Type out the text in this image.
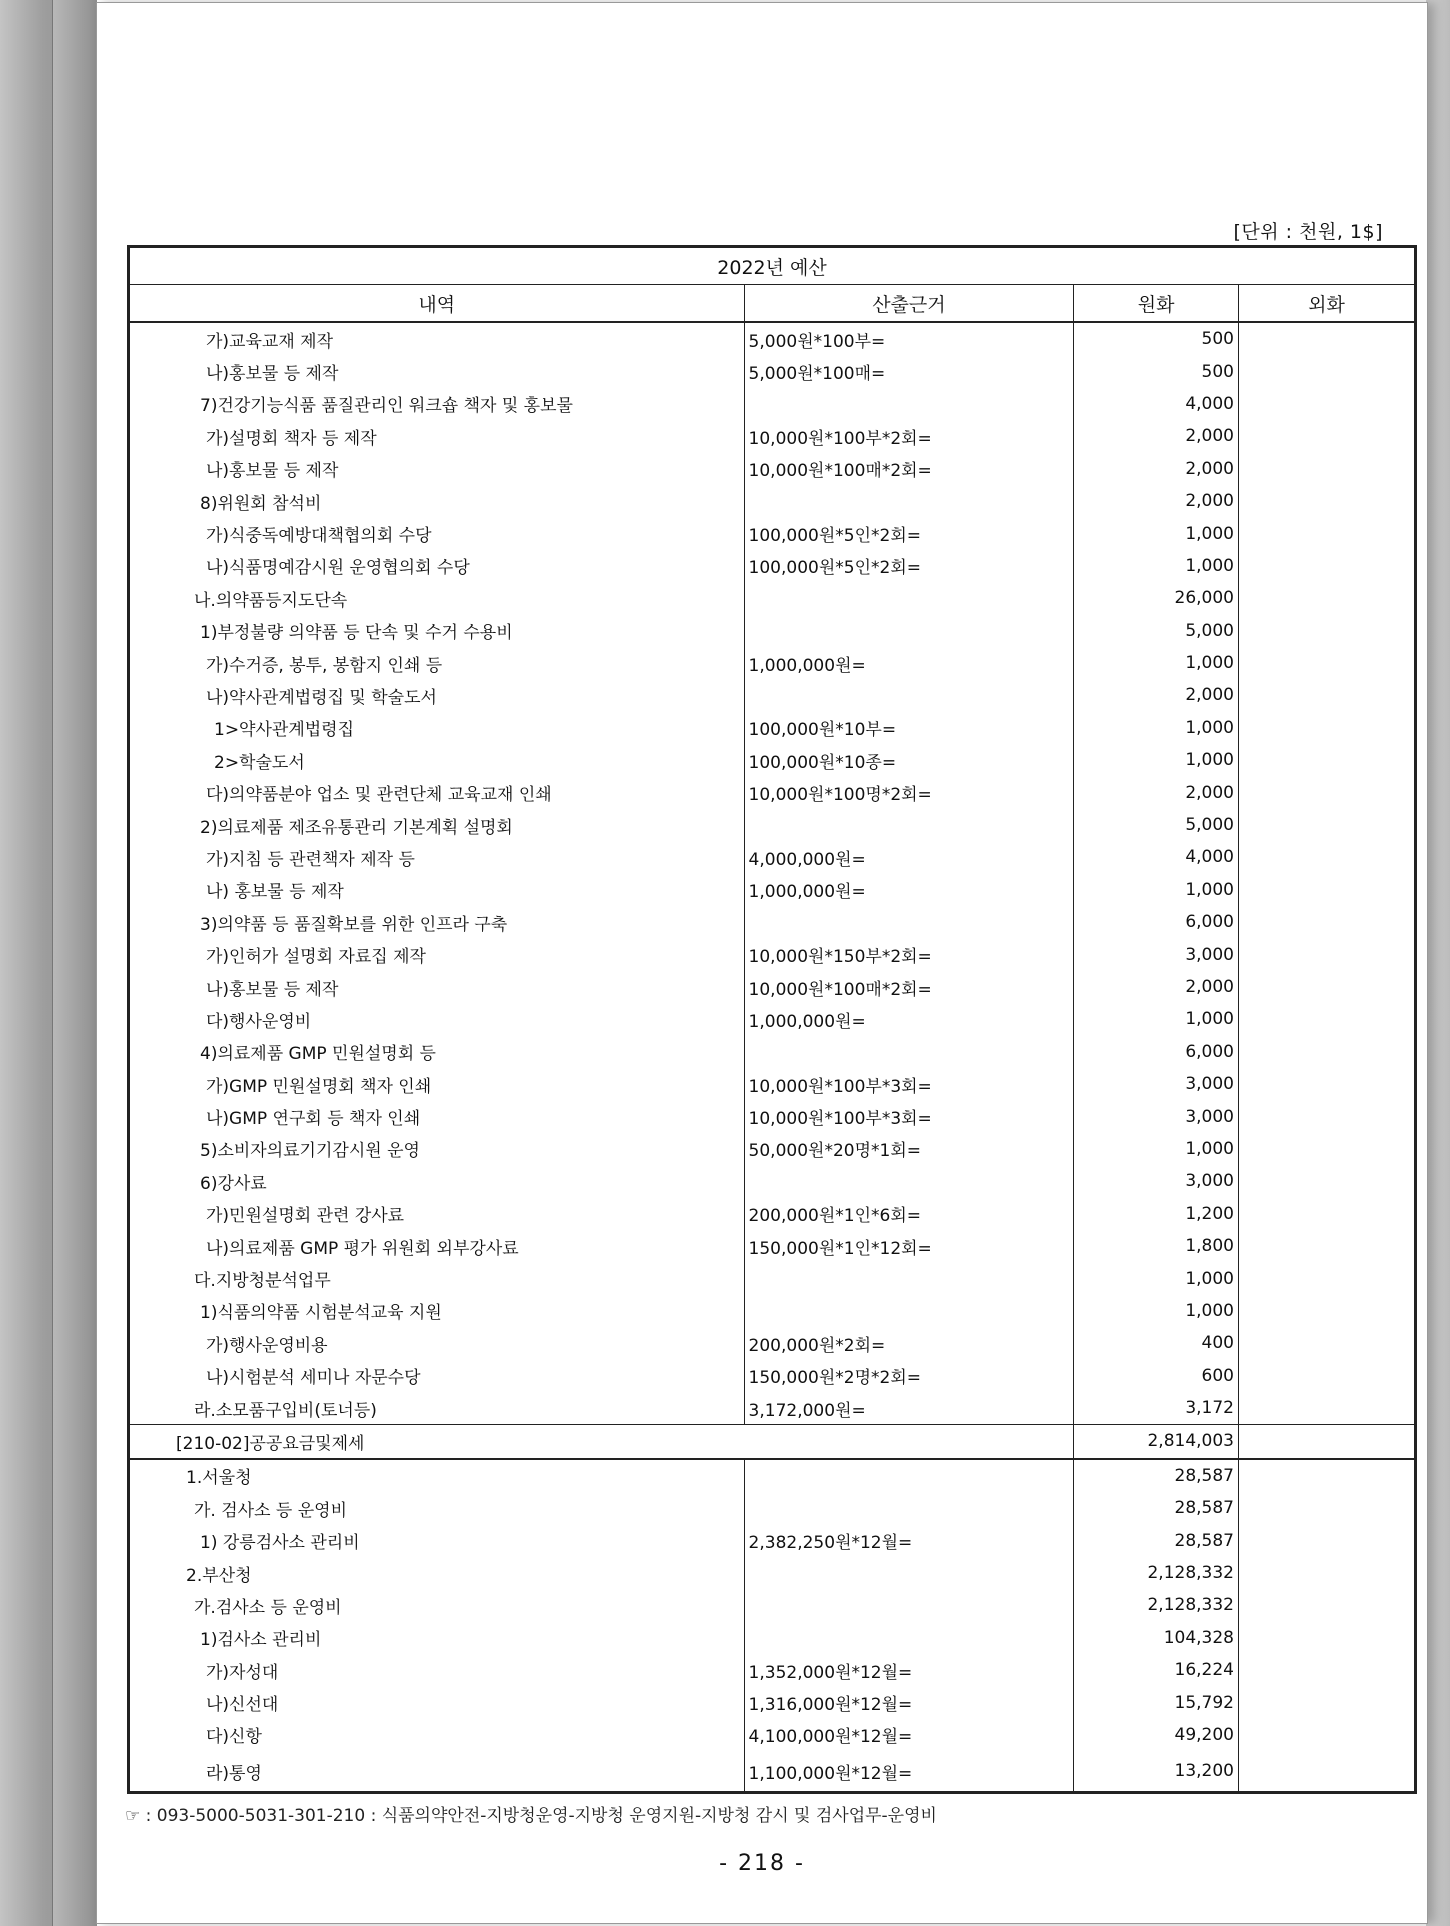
[단위 : 천원, 1$]
2022년 예산			
내역	산출근거	원화	외화
가)교육교재 제작	5,000원*100부=	500	
나)홍보물 등 제작	5,000원*100매=	500	
7)건강기능식품 품질관리인 워크숍 책자 및 홍보물		4,000	
가)설명회 책자 등 제작	10,000원*100부*2회=	2,000	
나)홍보물 등 제작	10,000원*100매*2회=	2,000	
8)위원회 참석비		2,000	
가)식중독예방대책협의회 수당	100,000원*5인*2회=	1,000	
나)식품명예감시원 운영협의회 수당	100,000원*5인*2회=	1,000	
나.의약품등지도단속		26,000	
1)부정불량 의약품 등 단속 및 수거 수용비		5,000	
가)수거증, 봉투, 봉함지 인쇄 등	1,000,000원=	1,000	
나)약사관계법령집 및 학술도서		2,000	
1>약사관계법령집	100,000원*10부=	1,000	
2>학술도서	100,000원*10종=	1,000	
다)의약품분야 업소 및 관련단체 교육교재 인쇄	10,000원*100명*2회=	2,000	
2)의료제품 제조유통관리 기본계획 설명회		5,000	
가)지침 등 관련책자 제작 등	4,000,000원=	4,000	
나) 홍보물 등 제작	1,000,000원=	1,000	
3)의약품 등 품질확보를 위한 인프라 구축		6,000	
가)인허가 설명회 자료집 제작	10,000원*150부*2회=	3,000	
나)홍보물 등 제작	10,000원*100매*2회=	2,000	
다)행사운영비	1,000,000원=	1,000	
4)의료제품 GMP 민원설명회 등		6,000	
가)GMP 민원설명회 책자 인쇄	10,000원*100부*3회=	3,000	
나)GMP 연구회 등 책자 인쇄	10,000원*100부*3회=	3,000	
5)소비자의료기기감시원 운영	50,000원*20명*1회=	1,000	
6)강사료		3,000	
가)민원설명회 관련 강사료	200,000원*1인*6회=	1,200	
나)의료제품 GMP 평가 위원회 외부강사료	150,000원*1인*12회=	1,800	
다.지방청분석업무		1,000	
1)식품의약품 시험분석교육 지원		1,000	
가)행사운영비용	200,000원*2회=	400	
나)시험분석 세미나 자문수당	150,000원*2명*2회=	600	
라.소모품구입비(토너등)	3,172,000원=	3,172	
[210-02]공공요금및제세		2,814,003	
1.서울청		28,587	
가. 검사소 등 운영비		28,587	
1) 강릉검사소 관리비	2,382,250원*12월=	28,587	
2.부산청		2,128,332	
가.검사소 등 운영비		2,128,332	
1)검사소 관리비		104,328	
가)자성대	1,352,000원*12월=	16,224	
나)신선대	1,316,000원*12월=	15,792	
다)신항	4,100,000원*12월=	49,200	
라)통영	1,100,000원*12월=	13,200	
☞ : 093-5000-5031-301-210 : 식품의약안전-지방청운영-지방청 운영지원-지방청 감시 및 검사업무-운영비
- 218 -
